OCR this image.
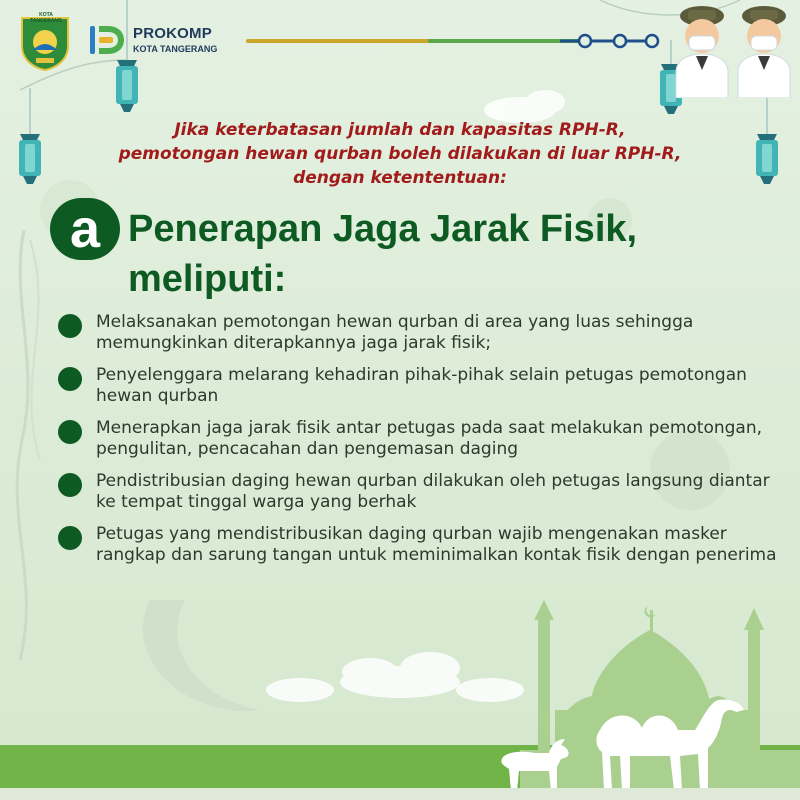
KOTA TANGERANG
PROKOMP
KOTA TANGERANG
Jika keterbatasan jumlah dan kapasitas RPH-R,
pemotongan hewan qurban boleh dilakukan di luar RPH-R,
dengan ketententuan:
a Penerapan Jaga Jarak Fisik,
meliputi:
Melaksanakan pemotongan hewan qurban di area yang luas sehingga memungkinkan diterapkannya jaga jarak fisik;
Penyelenggara melarang kehadiran pihak-pihak selain petugas pemotongan hewan qurban
Menerapkan jaga jarak fisik antar petugas pada saat melakukan pemotongan, pengulitan, pencacahan dan pengemasan daging
Pendistribusian daging hewan qurban dilakukan oleh petugas langsung diantar ke tempat tinggal warga yang berhak
Petugas yang mendistribusikan daging qurban wajib mengenakan masker rangkap dan sarung tangan untuk meminimalkan kontak fisik dengan penerima
